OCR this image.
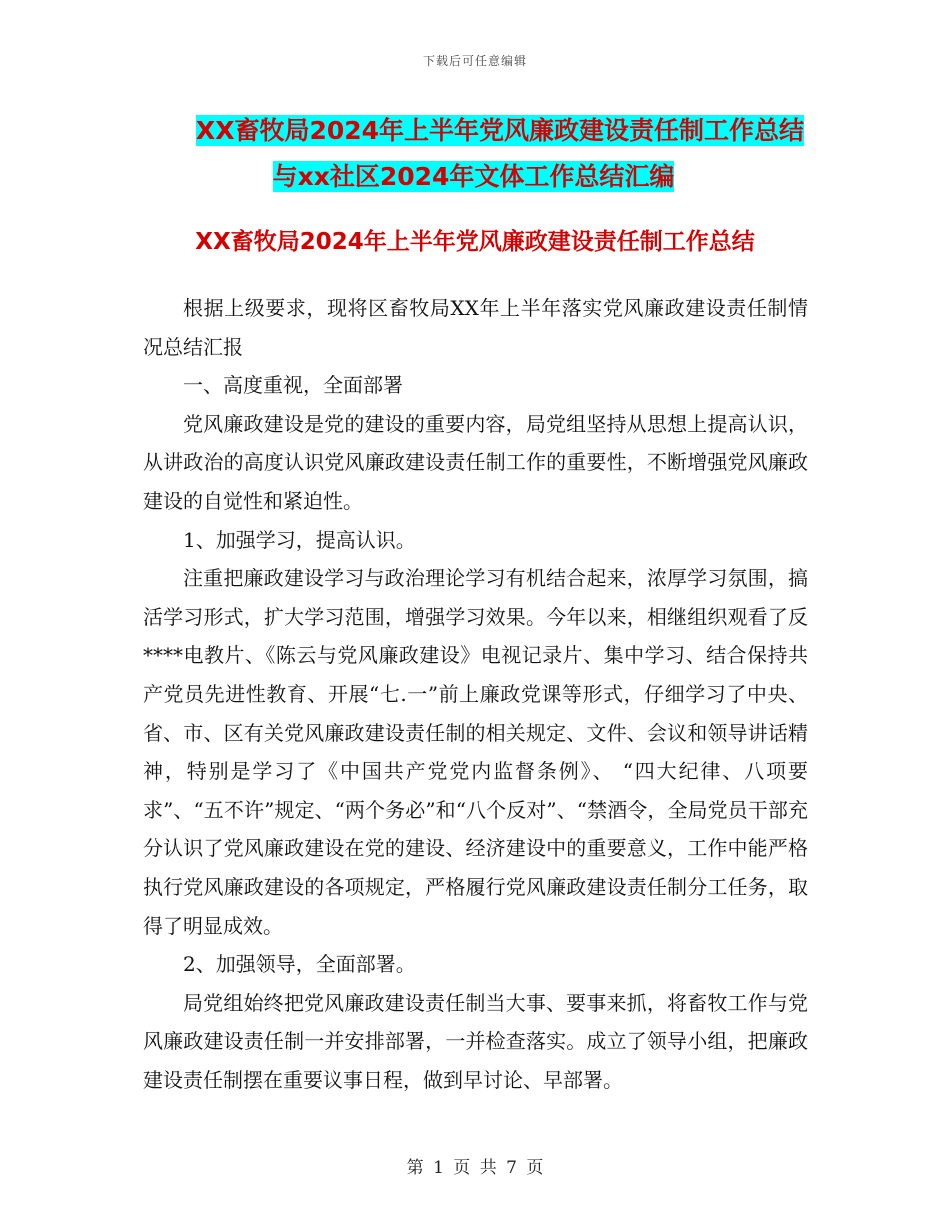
下载后可任意编辑
XX畜牧局2024年上半年党风廉政建设责任制工作总结
与xx社区2024年文体工作总结汇编
XX畜牧局2024年上半年党风廉政建设责任制工作总结

根据上级要求，现将区畜牧局XX年上半年落实党风廉政建设责任制情况总结汇报

一、高度重视，全面部署

党风廉政建设是党的建设的重要内容，局党组坚持从思想上提高认识，从讲政治的高度认识党风廉政建设责任制工作的重要性，不断增强党风廉政建设的自觉性和紧迫性。

1、加强学习，提高认识。

注重把廉政建设学习与政治理论学习有机结合起来，浓厚学习氛围，搞活学习形式，扩大学习范围，增强学习效果。今年以来，相继组织观看了反****电教片、《陈云与党风廉政建设》电视记录片、集中学习、结合保持共产党员先进性教育、开展“七.一”前上廉政党课等形式，仔细学习了中央、省、市、区有关党风廉政建设责任制的相关规定、文件、会议和领导讲话精神，特别是学习了《中国共产党党内监督条例》、 “四大纪律、八项要求”、“五不许”规定、“两个务必”和“八个反对”、“禁酒令，全局党员干部充分认识了党风廉政建设在党的建设、经济建设中的重要意义，工作中能严格执行党风廉政建设的各项规定，严格履行党风廉政建设责任制分工任务，取得了明显成效。

2、加强领导，全面部署。

局党组始终把党风廉政建设责任制当大事、要事来抓，将畜牧工作与党风廉政建设责任制一并安排部署，一并检查落实。成立了领导小组，把廉政建设责任制摆在重要议事日程，做到早讨论、早部署。

第 1 页 共 7 页
